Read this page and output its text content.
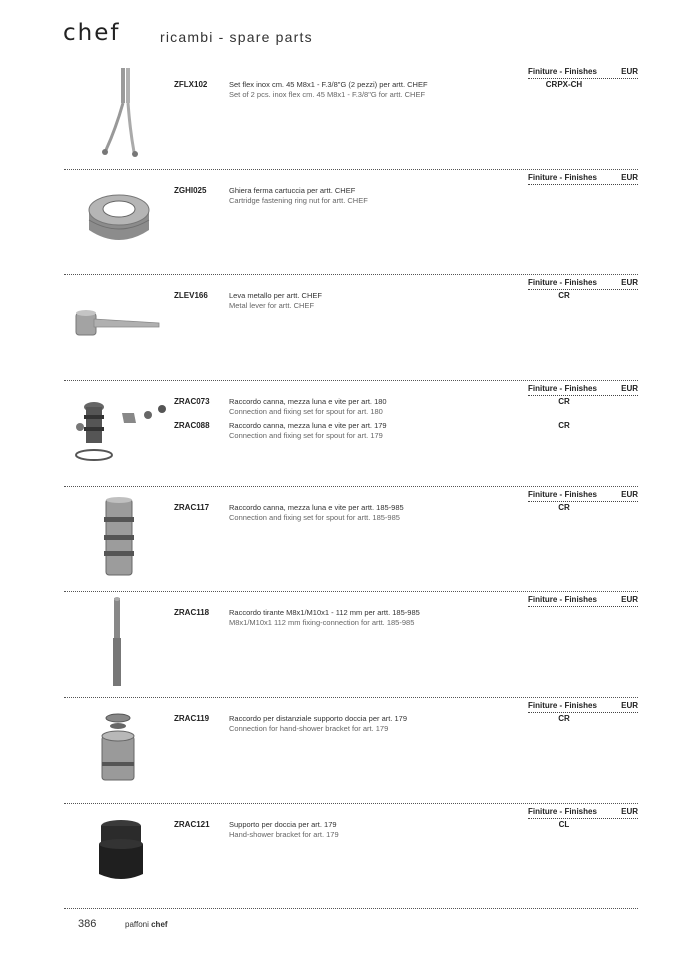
chef	ricambi - spare parts
Finiture - Finishes	EUR
ZFLX102	Set flex inox cm. 45 M8x1 - F.3/8"G (2 pezzi) per artt. CHEF
Set of 2 pcs. inox flex cm. 45 M8x1 - F.3/8"G for artt. CHEF
CRPX-CH
Finiture - Finishes	EUR
ZGHI025	Ghiera ferma cartuccia per artt. CHEF
Cartridge fastening ring nut for artt. CHEF
Finiture - Finishes	EUR
ZLEV166	Leva metallo per artt. CHEF
Metal lever for artt. CHEF
CR
Finiture - Finishes	EUR
ZRAC073	Raccordo canna, mezza luna e vite per art. 180
Connection and fixing set for spout for art. 180
CR
ZRAC088	Raccordo canna, mezza luna e vite per art. 179
Connection and fixing set for spout for art. 179
CR
Finiture - Finishes	EUR
ZRAC117	Raccordo canna, mezza luna e vite per artt. 185-985
Connection and fixing set for spout for artt. 185-985
CR
Finiture - Finishes	EUR
ZRAC118	Raccordo tirante M8x1/M10x1 - 112 mm per artt. 185-985
M8x1/M10x1 112 mm fixing-connection for artt. 185-985
Finiture - Finishes	EUR
ZRAC119	Raccordo per distanziale supporto doccia per art. 179
Connection for hand-shower bracket for art. 179
CR
Finiture - Finishes	EUR
ZRAC121	Supporto per doccia per art. 179
Hand-shower bracket for art. 179
CL
386	paffoni chef
